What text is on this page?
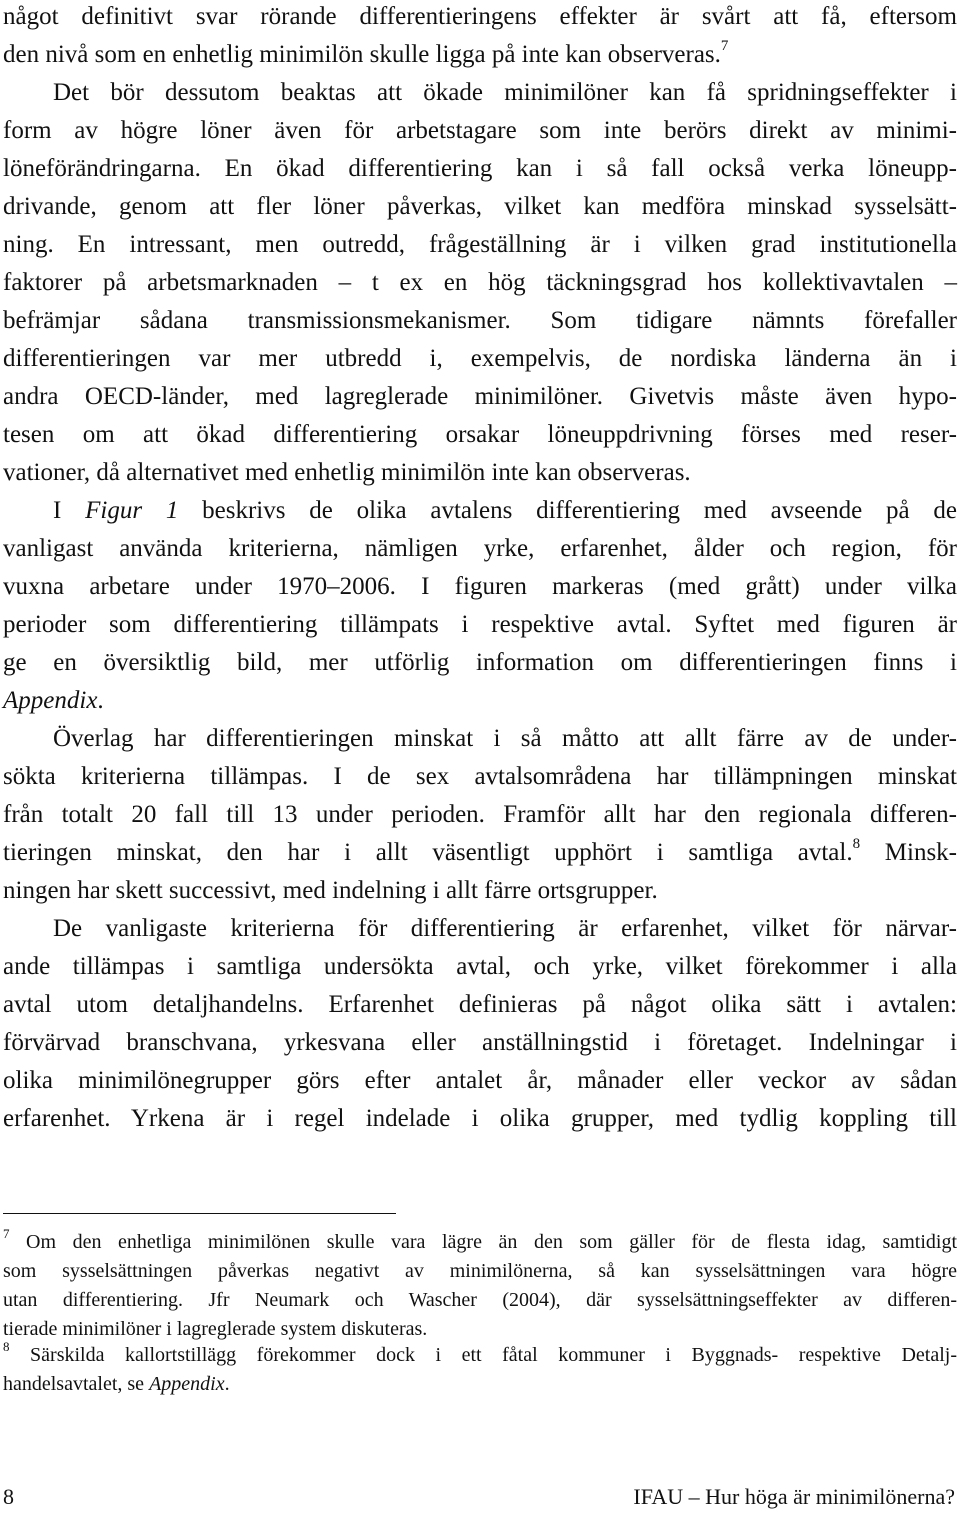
något definitivt svar rörande differentieringens effekter är svårt att få, eftersom
den nivå som en enhetlig minimilön skulle ligga på inte kan observeras.$^7$
Det bör dessutom beaktas att ökade minimilöner kan få spridningseffekter i
form av högre löner även för arbetstagare som inte berörs direkt av minimi-
löneförändringarna. En ökad differentiering kan i så fall också verka löneupp-
drivande, genom att fler löner påverkas, vilket kan medföra minskad sysselsätt-
ning. En intressant, men outredd, frågeställning är i vilken grad institutionella
faktorer på arbetsmarknaden – t ex en hög täckningsgrad hos kollektivavtalen –
befrämjar sådana transmissionsmekanismer. Som tidigare nämnts förefaller
differentieringen var mer utbredd i, exempelvis, de nordiska länderna än i
andra OECD-länder, med lagreglerade minimilöner. Givetvis måste även hypo-
tesen om att ökad differentiering orsakar löneuppdrivning förses med reser-
vationer, då alternativet med enhetlig minimilön inte kan observeras.
I Figur 1 beskrivs de olika avtalens differentiering med avseende på de
vanligast använda kriterierna, nämligen yrke, erfarenhet, ålder och region, för
vuxna arbetare under 1970–2006. I figuren markeras (med grått) under vilka
perioder som differentiering tillämpats i respektive avtal. Syftet med figuren är
ge en översiktlig bild, mer utförlig information om differentieringen finns i
Appendix.
Överlag har differentieringen minskat i så måtto att allt färre av de under-
sökta kriterierna tillämpas. I de sex avtalsområdena har tillämpningen minskat
från totalt 20 fall till 13 under perioden. Framför allt har den regionala differen-
tieringen minskat, den har i allt väsentligt upphört i samtliga avtal.$^8$ Minsk-
ningen har skett successivt, med indelning i allt färre ortsgrupper.
De vanligaste kriterierna för differentiering är erfarenhet, vilket för närvar-
ande tillämpas i samtliga undersökta avtal, och yrke, vilket förekommer i alla
avtal utom detaljhandelns. Erfarenhet definieras på något olika sätt i avtalen:
förvärvad branschvana, yrkesvana eller anställningstid i företaget. Indelningar i
olika minimilönegrupper görs efter antalet år, månader eller veckor av sådan
erfarenhet. Yrkena är i regel indelade i olika grupper, med tydlig koppling till
$^7$ Om den enhetliga minimilönen skulle vara lägre än den som gäller för de flesta idag, samtidigt
som sysselsättningen påverkas negativt av minimilönerna, så kan sysselsättningen vara högre
utan differentiering. Jfr Neumark och Wascher (2004), där sysselsättningseffekter av differen-
tierade minimilöner i lagreglerade system diskuteras.
$^8$ Särskilda kallortstillägg förekommer dock i ett fåtal kommuner i Byggnads- respektive Detalj-
handelsavtalet, se Appendix.
8	IFAU – Hur höga är minimilönerna?
